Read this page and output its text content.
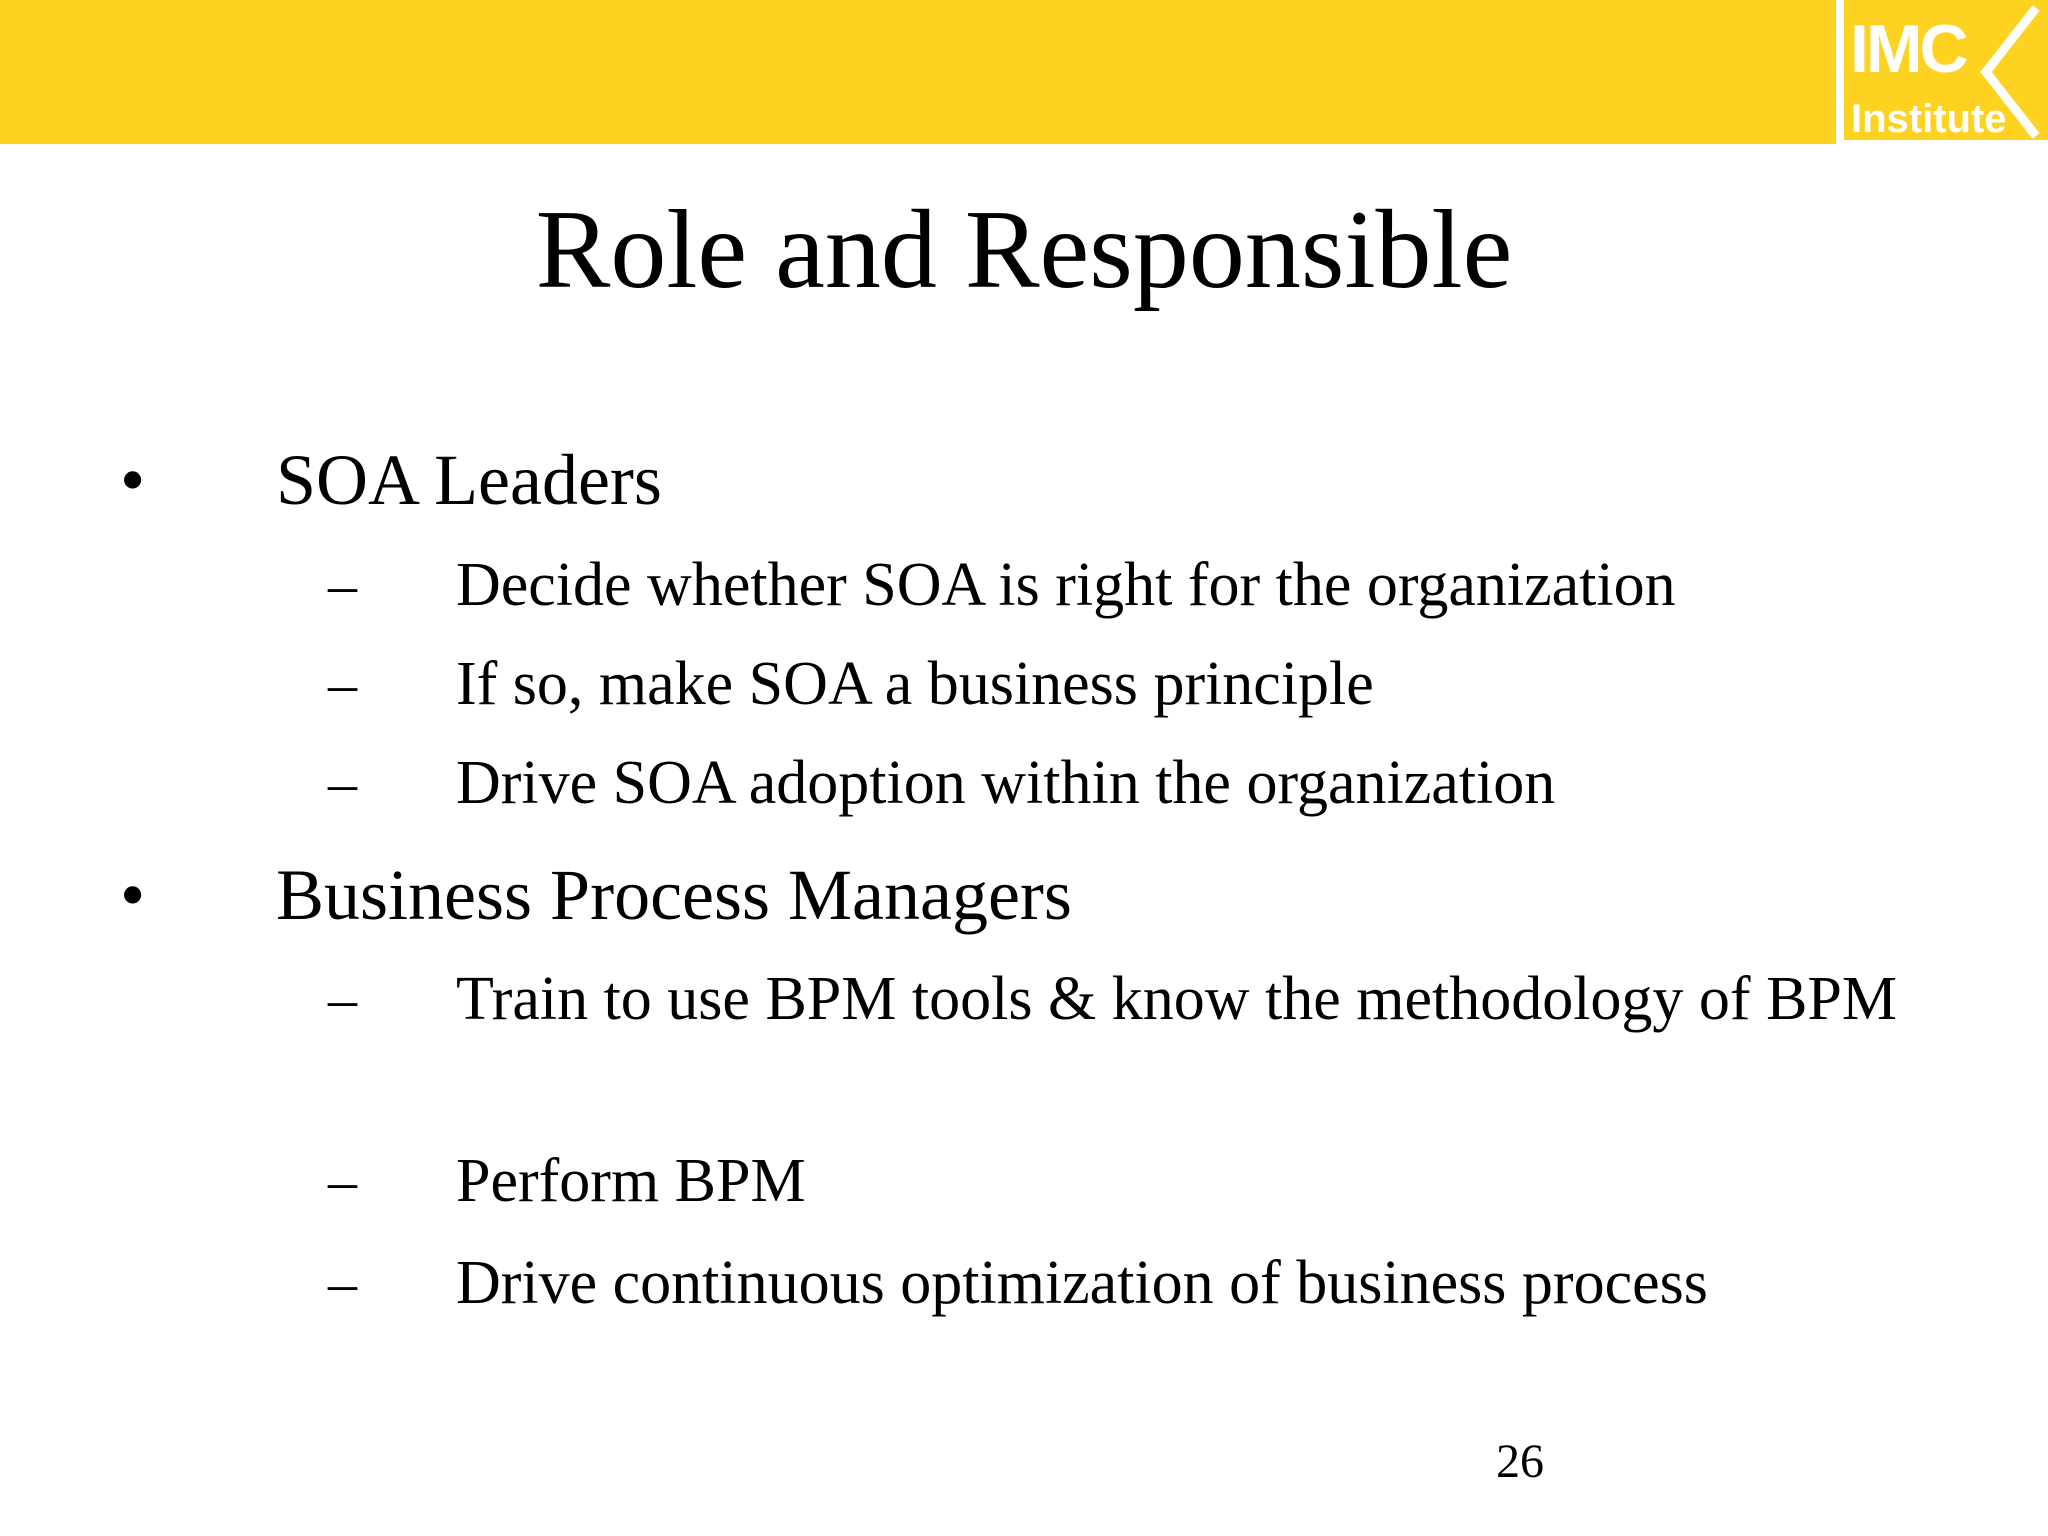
IMC
Institute
Role and Responsible
• SOA Leaders
– Decide whether SOA is right for the organization
– If so, make SOA a business principle
– Drive SOA adoption within the organization
• Business Process Managers
– Train to use BPM tools & know the methodology of BPM
– Perform BPM
– Drive continuous optimization of business process
26
